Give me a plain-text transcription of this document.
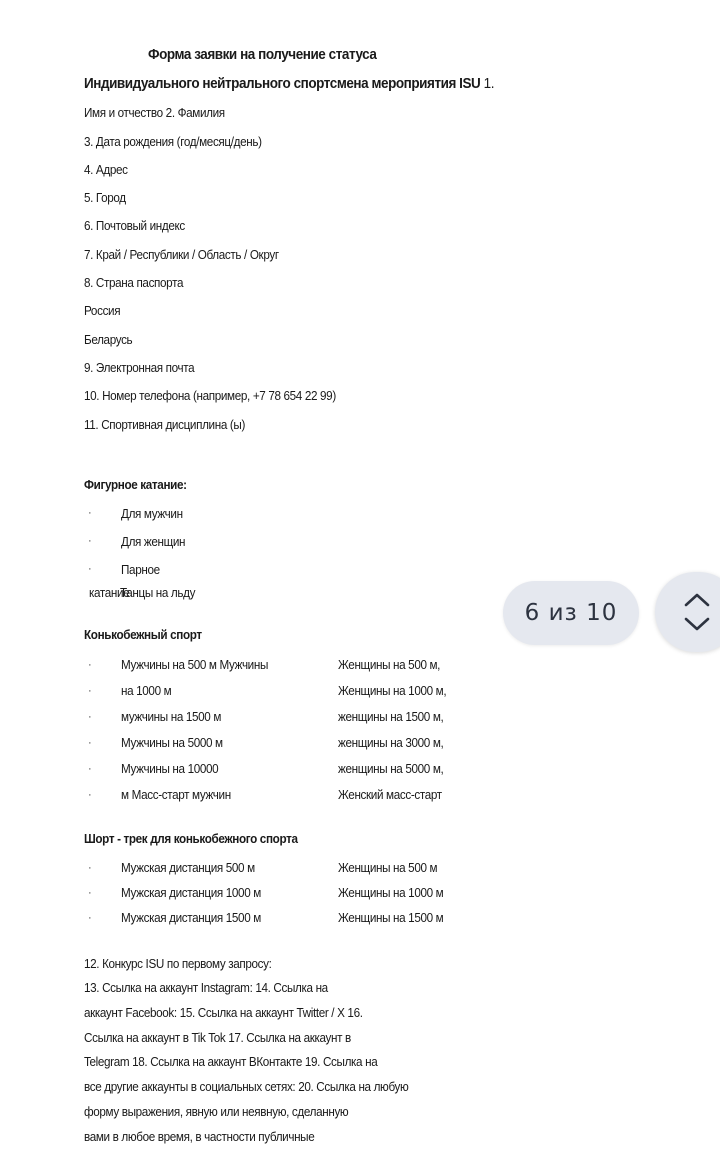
Форма заявки на получение статуса
Индивидуального нейтрального спортсмена мероприятия ISU 1.
Имя и отчество 2. Фамилия
3. Дата рождения (год/месяц/день)
4. Адрес
5. Город
6. Почтовый индекс
7. Край / Республики / Область / Округ
8. Страна паспорта
Россия
Беларусь
9. Электронная почта
10. Номер телефона (например, +7 78 654 22 99)
11. Спортивная дисциплина (ы)
Фигурное катание:
· Для мужчин
· Для женщин
· Парное
катание
Танцы на льду
Конькобежный спорт
· Мужчины на 500 м Мужчины	Женщины на 500 м,
· на 1000 м	Женщины на 1000 м,
· мужчины на 1500 м	женщины на 1500 м,
· Мужчины на 5000 м	женщины на 3000 м,
· Мужчины на 10000	женщины на 5000 м,
· м Масс-старт мужчин	Женский масс-старт
Шорт - трек для конькобежного спорта
· Мужская дистанция 500 м	Женщины на 500 м
· Мужская дистанция 1000 м	Женщины на 1000 м
· Мужская дистанция 1500 м	Женщины на 1500 м
12. Конкурс ISU по первому запросу:
13. Ссылка на аккаунт Instagram: 14. Ссылка на
аккаунт Facebook: 15. Ссылка на аккаунт Twitter / X 16.
Ссылка на аккаунт в Tik Tok 17. Ссылка на аккаунт в
Telegram 18. Ссылка на аккаунт ВКонтакте 19. Ссылка на
все другие аккаунты в социальных сетях: 20. Ссылка на любую
форму выражения, явную или неявную, сделанную
вами в любое время, в частности публичные
6 из 10
